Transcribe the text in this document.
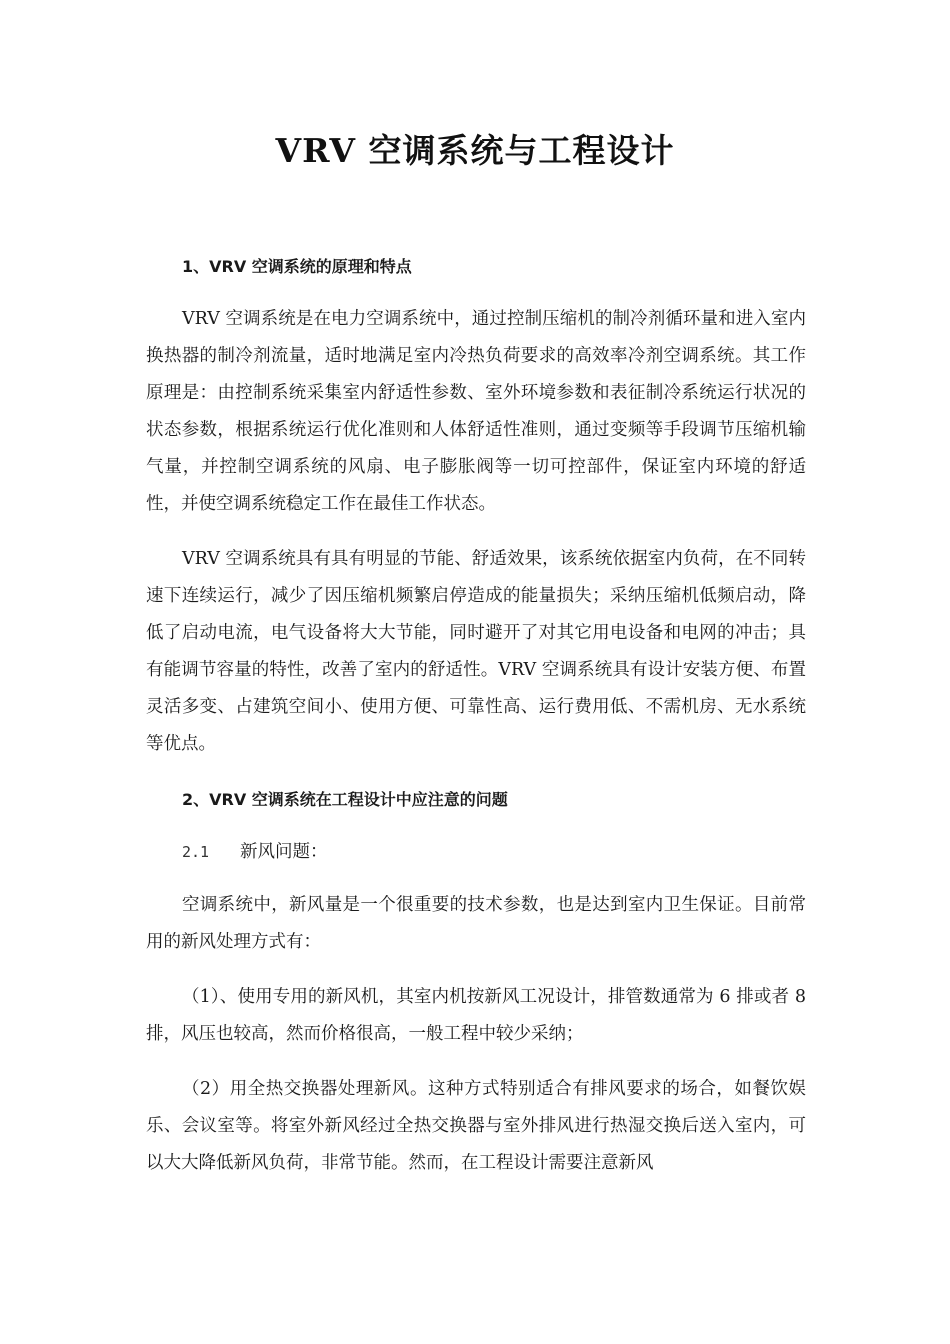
VRV 空调系统与工程设计

1、VRV 空调系统的原理和特点

VRV 空调系统是在电力空调系统中，通过控制压缩机的制冷剂循环量和进入室内换热器的制冷剂流量，适时地满足室内冷热负荷要求的高效率冷剂空调系统。其工作原理是：由控制系统采集室内舒适性参数、室外环境参数和表征制冷系统运行状况的状态参数，根据系统运行优化准则和人体舒适性准则，通过变频等手段调节压缩机输气量，并控制空调系统的风扇、电子膨胀阀等一切可控部件，保证室内环境的舒适性，并使空调系统稳定工作在最佳工作状态。

VRV 空调系统具有具有明显的节能、舒适效果，该系统依据室内负荷，在不同转速下连续运行，减少了因压缩机频繁启停造成的能量损失；采纳压缩机低频启动，降低了启动电流，电气设备将大大节能，同时避开了对其它用电设备和电网的冲击；具有能调节容量的特性，改善了室内的舒适性。VRV 空调系统具有设计安装方便、布置灵活多变、占建筑空间小、使用方便、可靠性高、运行费用低、不需机房、无水系统等优点。

2、VRV 空调系统在工程设计中应注意的问题

2.1 新风问题：

空调系统中，新风量是一个很重要的技术参数，也是达到室内卫生保证。目前常用的新风处理方式有：

（1）、使用专用的新风机，其室内机按新风工况设计，排管数通常为 6 排或者 8 排，风压也较高，然而价格很高，一般工程中较少采纳；

（2）用全热交换器处理新风。这种方式特别适合有排风要求的场合，如餐饮娱乐、会议室等。将室外新风经过全热交换器与室外排风进行热湿交换后送入室内，可以大大降低新风负荷，非常节能。然而，在工程设计需要注意新风
